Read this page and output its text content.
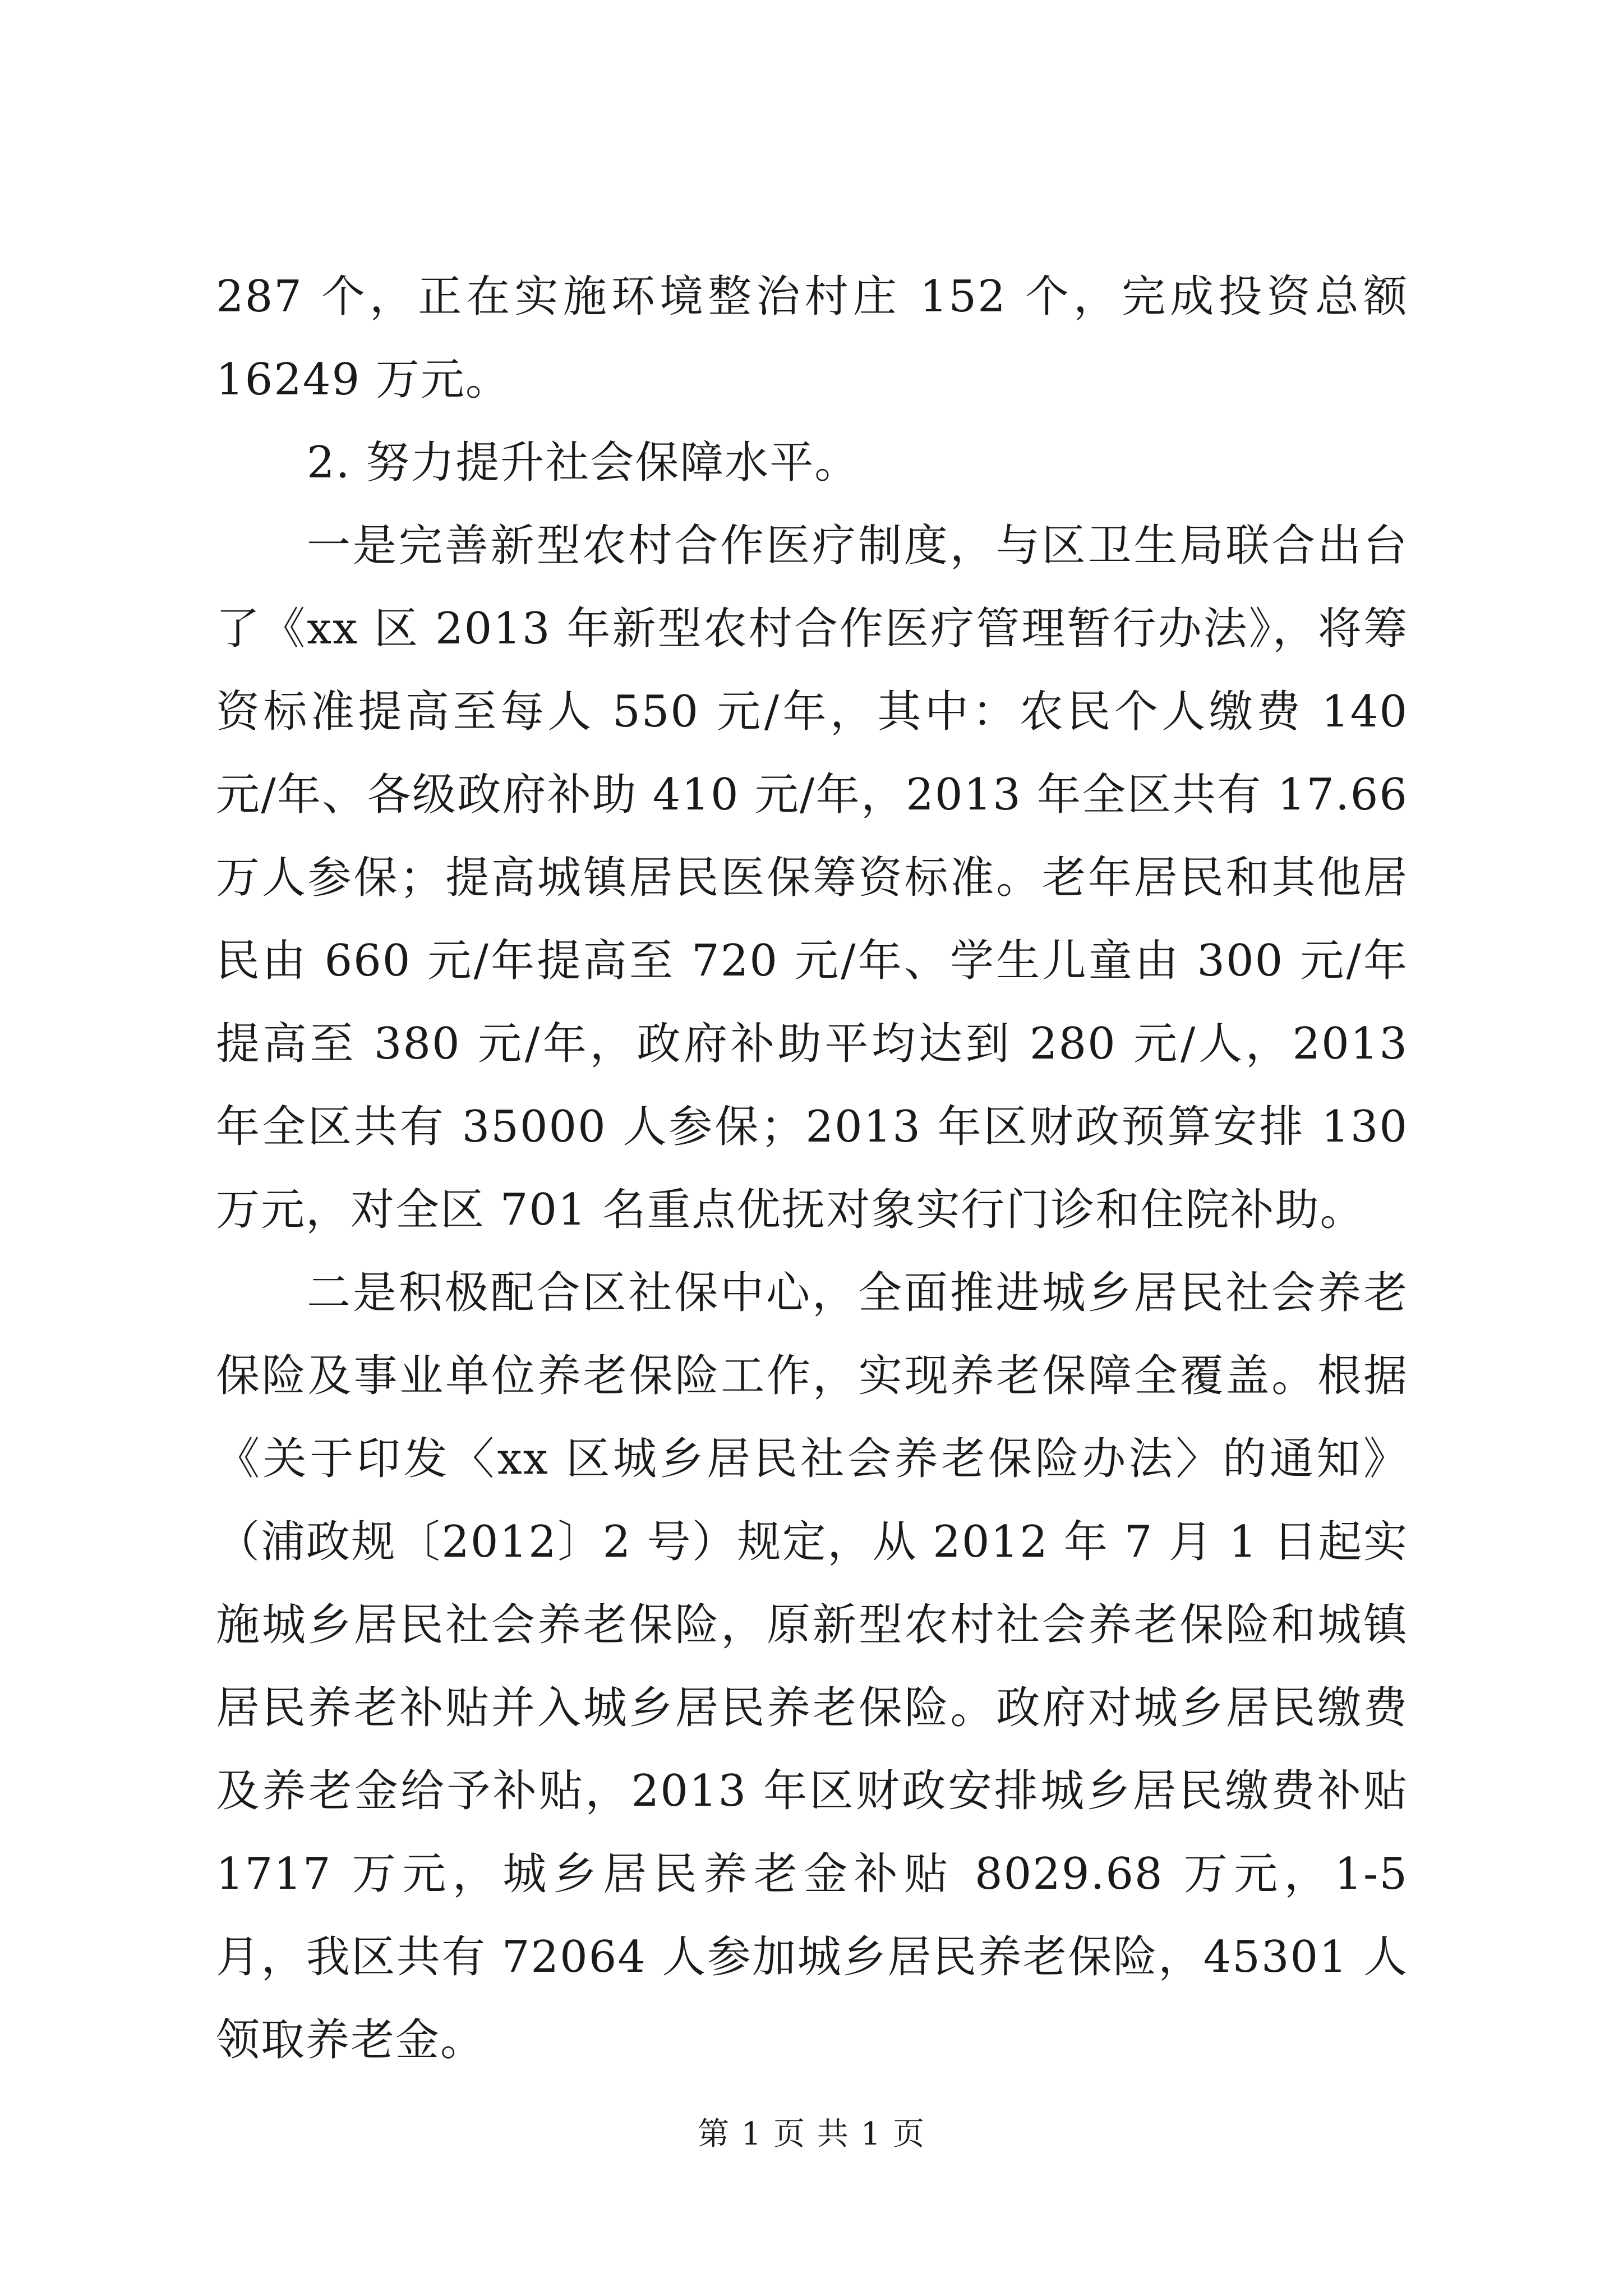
287 个，正在实施环境整治村庄 152 个，完成投资总额 16249 万元。

2. 努力提升社会保障水平。

一是完善新型农村合作医疗制度，与区卫生局联合出台了《xx 区 2013 年新型农村合作医疗管理暂行办法》，将筹资标准提高至每人 550 元/年，其中：农民个人缴费 140 元/年、各级政府补助 410 元/年，2013 年全区共有 17.66 万人参保；提高城镇居民医保筹资标准。老年居民和其他居民由 660 元/年提高至 720 元/年、学生儿童由 300 元/年提高至 380 元/年，政府补助平均达到 280 元/人，2013 年全区共有 35000 人参保；2013 年区财政预算安排 130 万元，对全区 701 名重点优抚对象实行门诊和住院补助。

二是积极配合区社保中心，全面推进城乡居民社会养老保险及事业单位养老保险工作，实现养老保障全覆盖。根据《关于印发〈xx 区城乡居民社会养老保险办法〉的通知》（浦政规〔2012〕2 号）规定，从 2012 年 7 月 1 日起实施城乡居民社会养老保险，原新型农村社会养老保险和城镇居民养老补贴并入城乡居民养老保险。政府对城乡居民缴费及养老金给予补贴，2013 年区财政安排城乡居民缴费补贴 1717 万元，城乡居民养老金补贴 8029.68 万元，1-5 月，我区共有 72064 人参加城乡居民养老保险，45301 人领取养老金。

第 1 页 共 1 页
